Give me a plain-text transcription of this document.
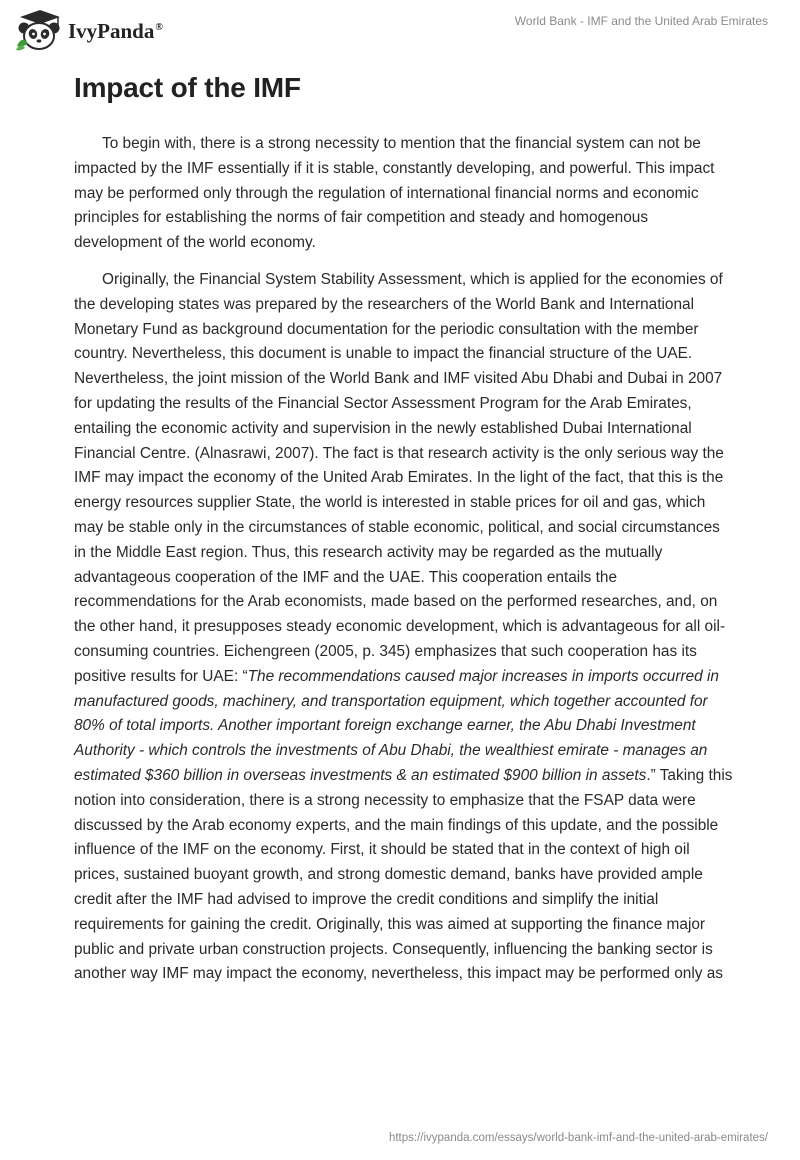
IvyPanda®	World Bank - IMF and the United Arab Emirates
Impact of the IMF

To begin with, there is a strong necessity to mention that the financial system can not be impacted by the IMF essentially if it is stable, constantly developing, and powerful. This impact may be performed only through the regulation of international financial norms and economic principles for establishing the norms of fair competition and steady and homogenous development of the world economy.

Originally, the Financial System Stability Assessment, which is applied for the economies of the developing states was prepared by the researchers of the World Bank and International Monetary Fund as background documentation for the periodic consultation with the member country. Nevertheless, this document is unable to impact the financial structure of the UAE. Nevertheless, the joint mission of the World Bank and IMF visited Abu Dhabi and Dubai in 2007 for updating the results of the Financial Sector Assessment Program for the Arab Emirates, entailing the economic activity and supervision in the newly established Dubai International Financial Centre. (Alnasrawi, 2007). The fact is that research activity is the only serious way the IMF may impact the economy of the United Arab Emirates. In the light of the fact, that this is the energy resources supplier State, the world is interested in stable prices for oil and gas, which may be stable only in the circumstances of stable economic, political, and social circumstances in the Middle East region. Thus, this research activity may be regarded as the mutually advantageous cooperation of the IMF and the UAE. This cooperation entails the recommendations for the Arab economists, made based on the performed researches, and, on the other hand, it presupposes steady economic development, which is advantageous for all oil-consuming countries. Eichengreen (2005, p. 345) emphasizes that such cooperation has its positive results for UAE: “The recommendations caused major increases in imports occurred in manufactured goods, machinery, and transportation equipment, which together accounted for 80% of total imports. Another important foreign exchange earner, the Abu Dhabi Investment Authority - which controls the investments of Abu Dhabi, the wealthiest emirate - manages an estimated $360 billion in overseas investments & an estimated $900 billion in assets.” Taking this notion into consideration, there is a strong necessity to emphasize that the FSAP data were discussed by the Arab economy experts, and the main findings of this update, and the possible influence of the IMF on the economy. First, it should be stated that in the context of high oil prices, sustained buoyant growth, and strong domestic demand, banks have provided ample credit after the IMF had advised to improve the credit conditions and simplify the initial requirements for gaining the credit. Originally, this was aimed at supporting the finance major public and private urban construction projects. Consequently, influencing the banking sector is another way IMF may impact the economy, nevertheless, this impact may be performed only as

https://ivypanda.com/essays/world-bank-imf-and-the-united-arab-emirates/
